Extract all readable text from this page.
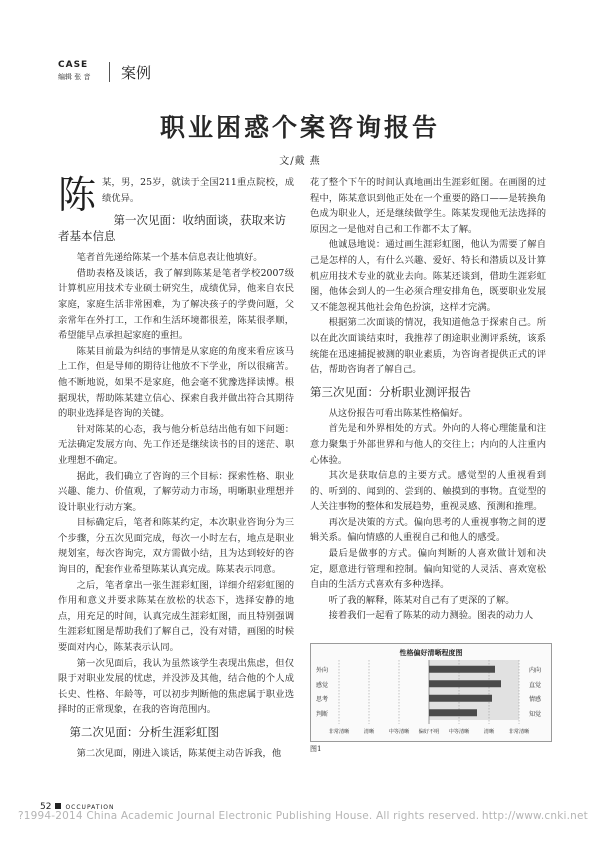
CASE
编辑 张 音 案例
职业困惑个案咨询报告
文/戴 燕

陈某，男，25岁，就读于全国211重点院校，成绩优异。

第一次见面：收纳面谈，获取来访者基本信息

笔者首先递给陈某一个基本信息表让他填好。

借助表格及谈话，我了解到陈某是笔者学校2007级计算机应用技术专业硕士研究生，成绩优异，他来自农民家庭，家庭生活非常困难，为了解决孩子的学费问题，父亲常年在外打工，工作和生活环境都很差，陈某很孝顺，希望能早点承担起家庭的重担。

陈某目前最为纠结的事情是从家庭的角度来看应该马上工作，但是导师的期待让他放不下学业，所以很痛苦。他不断地说，如果不是家庭，他会毫不犹豫选择读博。根据现状，帮助陈某建立信心、探索自我并做出符合其期待的职业选择是咨询的关键。

针对陈某的心态，我与他分析总结出他有如下问题：无法确定发展方向、先工作还是继续读书的目的迷茫、职业理想不确定。

据此，我们确立了咨询的三个目标：探索性格、职业兴趣、能力、价值观，了解劳动力市场，明晰职业理想并设计职业行动方案。

目标确定后，笔者和陈某约定，本次职业咨询分为三个步骤，分五次见面完成，每次一小时左右，地点是职业规划室，每次咨询完，双方需做小结，且为达到较好的咨询目的，配套作业希望陈某认真完成。陈某表示同意。

之后，笔者拿出一张生涯彩虹图，详细介绍彩虹图的作用和意义并要求陈某在放松的状态下，选择安静的地点，用充足的时间，认真完成生涯彩虹图，而且特别强调生涯彩虹图是帮助我们了解自己，没有对错，画图的时候要面对内心，陈某表示认同。

第一次见面后，我认为虽然该学生表现出焦虑，但仅限于对职业发展的忧虑，并没涉及其他，结合他的个人成长史、性格、年龄等，可以初步判断他的焦虑属于职业选择时的正常现象，在我的咨询范围内。

第二次见面：分析生涯彩虹图

第二次见面，刚进入谈话，陈某便主动告诉我，他

花了整个下午的时间认真地画出生涯彩虹图。在画图的过程中，陈某意识到他正处在一个重要的路口——是转换角色成为职业人，还是继续做学生。陈某发现他无法选择的原因之一是他对自己和工作都不太了解。

他诚恳地说：通过画生涯彩虹图，他认为需要了解自己是怎样的人，有什么兴趣、爱好、特长和潜质以及计算机应用技术专业的就业去向。陈某还谈到，借助生涯彩虹图，他体会到人的一生必须合理安排角色，既要职业发展又不能忽视其他社会角色扮演，这样才完满。

根据第二次面谈的情况，我知道他急于探索自己。所以在此次面谈结束时，我推荐了朗途职业测评系统，该系统能在迅速捕捉被测的职业素质，为咨询者提供正式的评估，帮助咨询者了解自己。

第三次见面：分析职业测评报告

从这份报告可看出陈某性格偏好。

首先是和外界相处的方式。外向的人将心理能量和注意力聚集于外部世界和与他人的交往上；内向的人注重内心体验。

其次是获取信息的主要方式。感觉型的人重视看到的、听到的、闻到的、尝到的、触摸到的事物。直觉型的人关注事物的整体和发展趋势，重视灵感、预测和推理。

再次是决策的方式。偏向思考的人重视事物之间的逻辑关系。偏向情感的人重视自己和他人的感受。

最后是做事的方式。偏向判断的人喜欢做计划和决定，愿意进行管理和控制。偏向知觉的人灵活、喜欢宽松自由的生活方式喜欢有多种选择。

听了我的解释，陈某对自己有了更深的了解。

接着我们一起看了陈某的动力测验。图表的动力人

性格偏好清晰程度图
外向
感觉
思考
判断
内向
直觉
情感
知觉
非常清晰	清晰	中等清晰 偏好不明 中等清晰	清晰	非常清晰
图1
52 OCCUPATION
?1994-2014 China Academic Journal Electronic Publishing House. All rights reserved. http://www.cnki.net
